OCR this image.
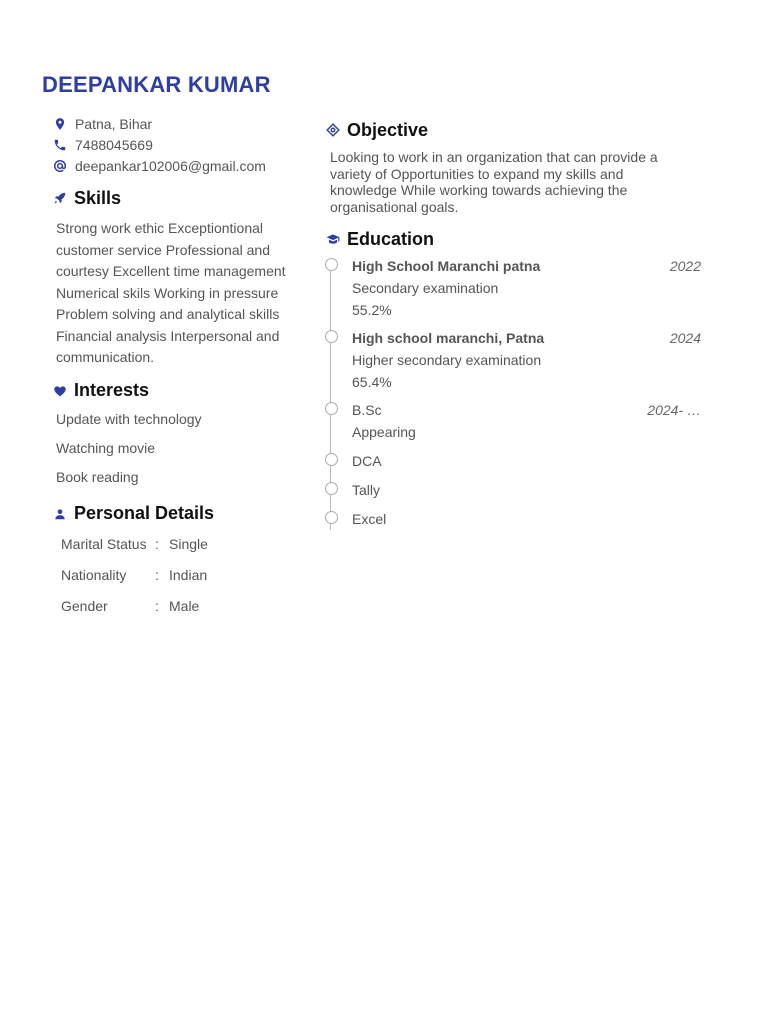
DEEPANKAR KUMAR
Patna, Bihar
7488045669
deepankar102006@gmail.com
Skills

Strong work ethic Exceptiontional customer service Professional and courtesy Excellent time management Numerical skils Working in pressure Problem solving and analytical skills Financial analysis Interpersonal and communication.

Interests
Update with technology
Watching movie
Book reading
Personal Details
Marital Status : Single
Nationality	: Indian
Gender	: Male
Objective

Looking to work in an organization that can provide a variety of Opportunities to expand my skills and knowledge While working towards achieving the organisational goals.

Education
High School Maranchi patna	2022
Secondary examination
55.2%
High school maranchi, Patna	2024
Higher secondary examination
65.4%
B.Sc	2024- …
Appearing
DCA
Tally
Excel
